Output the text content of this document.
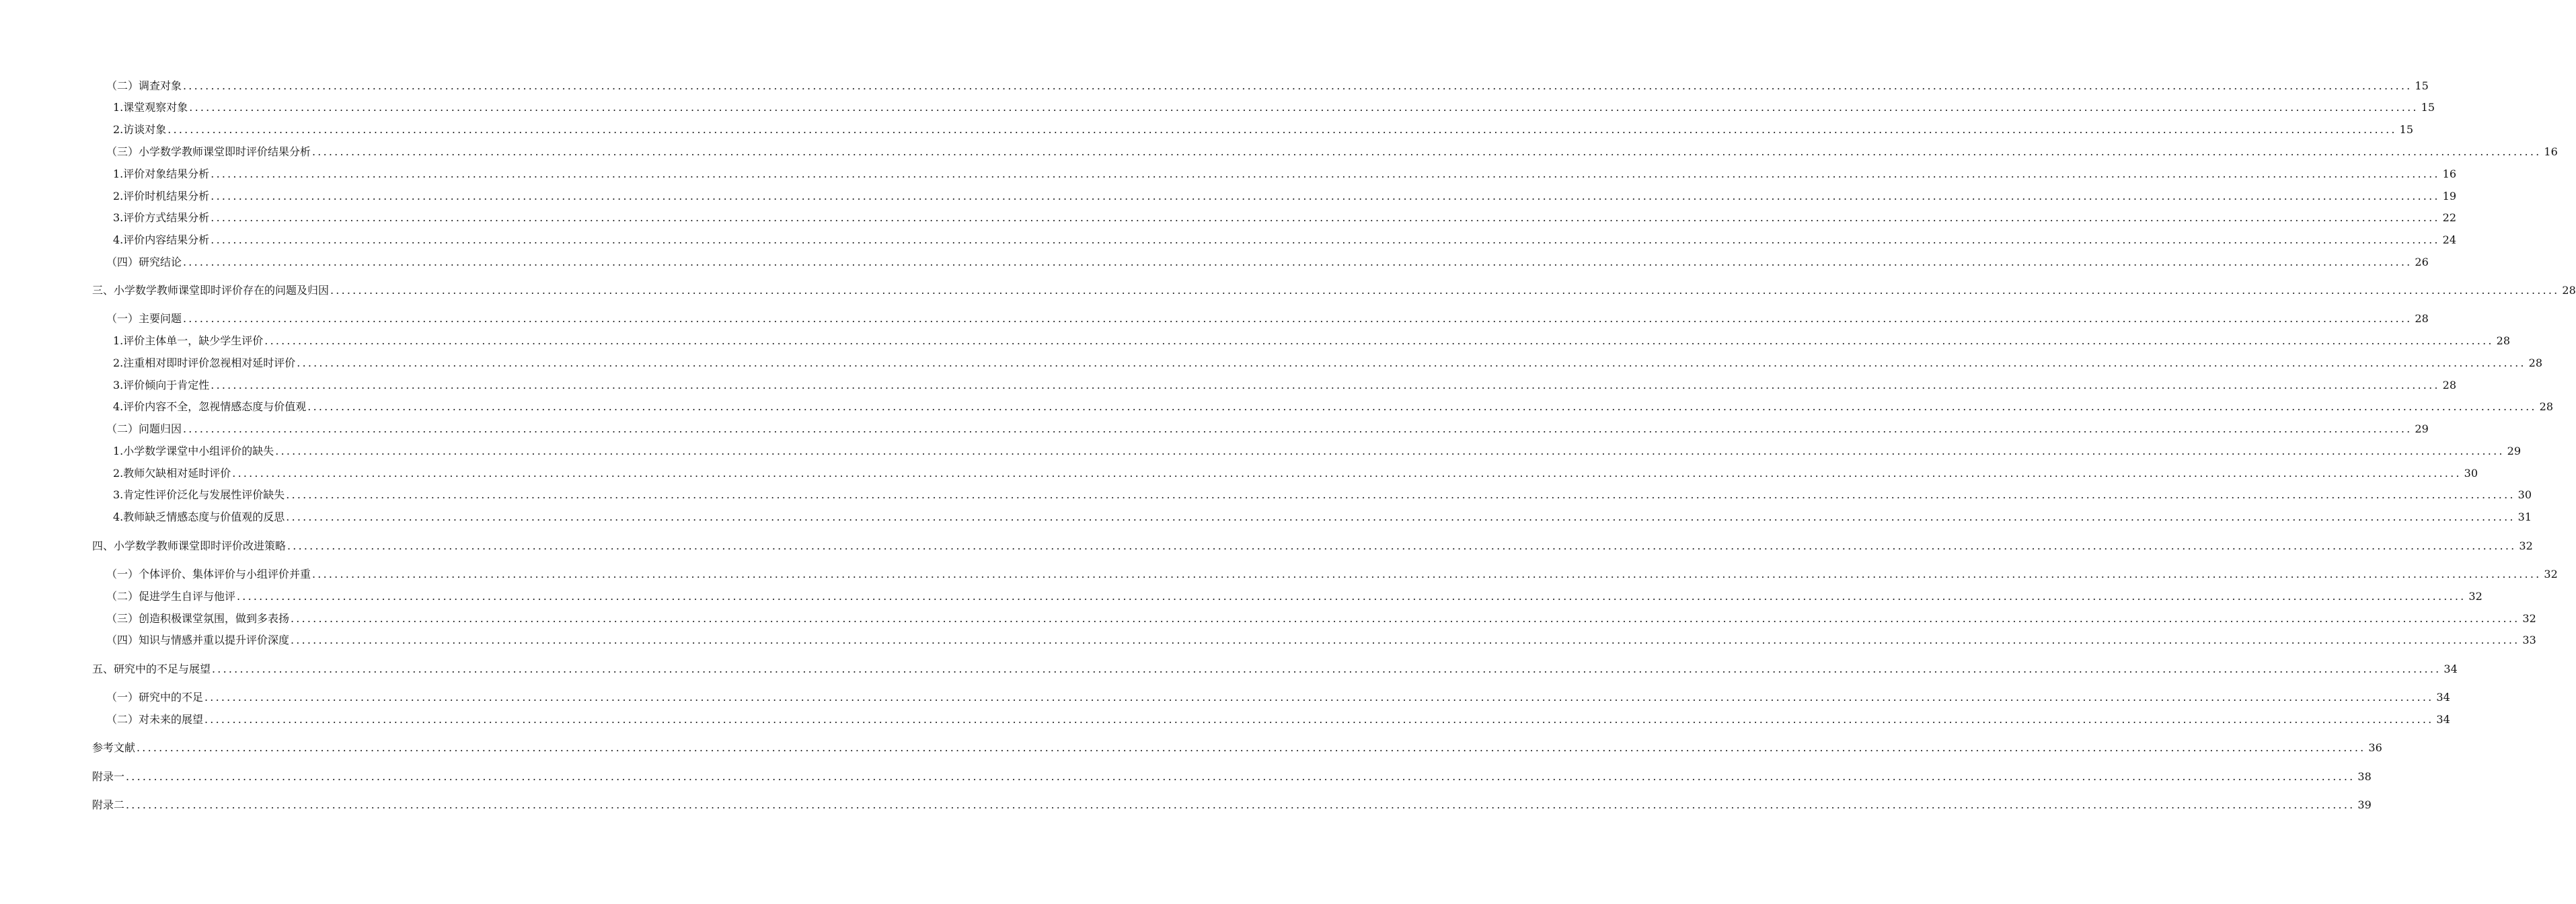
（二）调查对象 ................................................................................................................................................................................................................................................................................................................................................................................................................ 15
1.课堂观察对象 ................................................................................................................................................................................................................................................................................................................................................................................................................ 15
2.访谈对象 ................................................................................................................................................................................................................................................................................................................................................................................................................ 15
（三）小学数学教师课堂即时评价结果分析 ................................................................................................................................................................................................................................................................................................................................................................................................................ 16
1.评价对象结果分析 ................................................................................................................................................................................................................................................................................................................................................................................................................ 16
2.评价时机结果分析 ................................................................................................................................................................................................................................................................................................................................................................................................................ 19
3.评价方式结果分析 ................................................................................................................................................................................................................................................................................................................................................................................................................ 22
4.评价内容结果分析 ................................................................................................................................................................................................................................................................................................................................................................................................................ 24
（四）研究结论 ................................................................................................................................................................................................................................................................................................................................................................................................................ 26
三、小学数学教师课堂即时评价存在的问题及归因 ................................................................................................................................................................................................................................................................................................................................................................................................................ 28
（一）主要问题 ................................................................................................................................................................................................................................................................................................................................................................................................................ 28
1.评价主体单一，缺少学生评价 ................................................................................................................................................................................................................................................................................................................................................................................................................ 28
2.注重相对即时评价忽视相对延时评价 ................................................................................................................................................................................................................................................................................................................................................................................................................ 28
3.评价倾向于肯定性 ................................................................................................................................................................................................................................................................................................................................................................................................................ 28
4.评价内容不全，忽视情感态度与价值观 ................................................................................................................................................................................................................................................................................................................................................................................................................ 28
（二）问题归因 ................................................................................................................................................................................................................................................................................................................................................................................................................ 29
1.小学数学课堂中小组评价的缺失 ................................................................................................................................................................................................................................................................................................................................................................................................................ 29
2.教师欠缺相对延时评价 ................................................................................................................................................................................................................................................................................................................................................................................................................ 30
3.肯定性评价泛化与发展性评价缺失 ................................................................................................................................................................................................................................................................................................................................................................................................................ 30
4.教师缺乏情感态度与价值观的反思 ................................................................................................................................................................................................................................................................................................................................................................................................................ 31
四、小学数学教师课堂即时评价改进策略 ................................................................................................................................................................................................................................................................................................................................................................................................................ 32
（一）个体评价、集体评价与小组评价并重 ................................................................................................................................................................................................................................................................................................................................................................................................................ 32
（二）促进学生自评与他评 ................................................................................................................................................................................................................................................................................................................................................................................................................ 32
（三）创造积极课堂氛围，做到多表扬 ................................................................................................................................................................................................................................................................................................................................................................................................................ 32
（四）知识与情感并重以提升评价深度 ................................................................................................................................................................................................................................................................................................................................................................................................................ 33
五、研究中的不足与展望 ................................................................................................................................................................................................................................................................................................................................................................................................................ 34
（一）研究中的不足 ................................................................................................................................................................................................................................................................................................................................................................................................................ 34
（二）对未来的展望 ................................................................................................................................................................................................................................................................................................................................................................................................................ 34
参考文献 ................................................................................................................................................................................................................................................................................................................................................................................................................ 36
附录一 ................................................................................................................................................................................................................................................................................................................................................................................................................ 38
附录二 ................................................................................................................................................................................................................................................................................................................................................................................................................ 39
